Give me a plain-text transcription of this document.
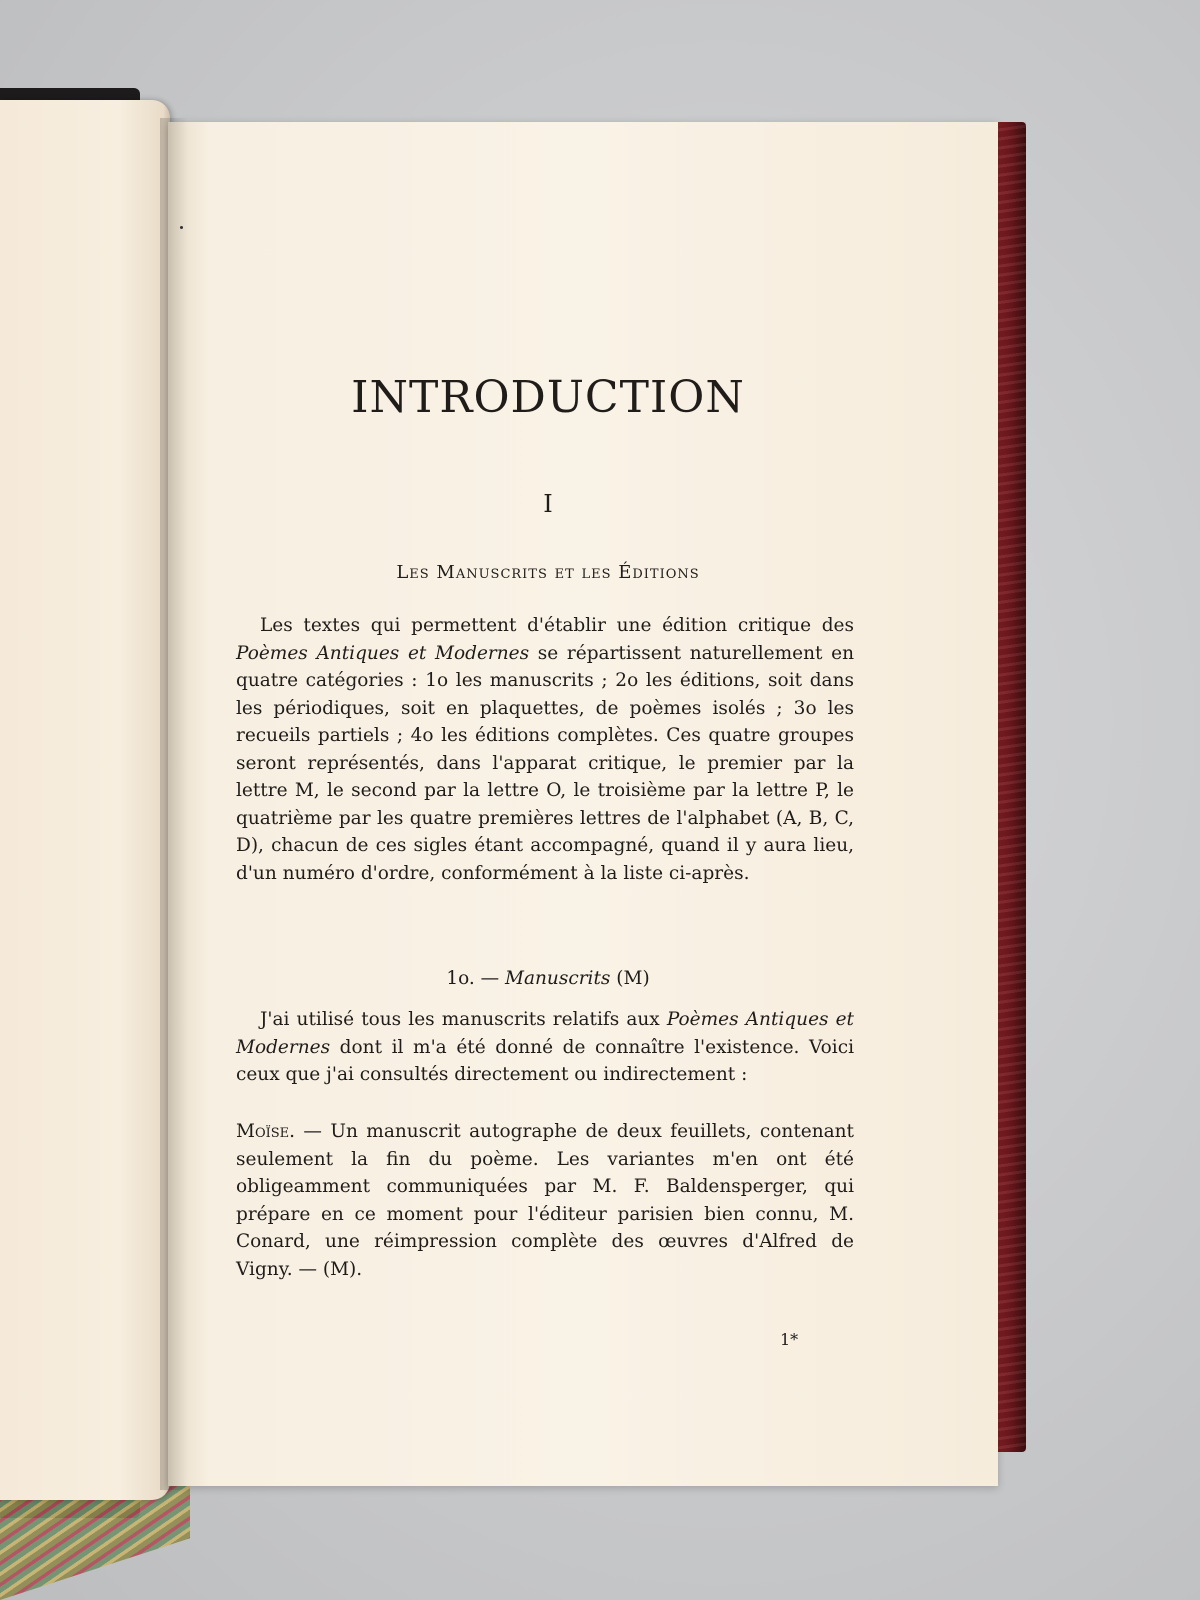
INTRODUCTION
I
Les Manuscrits et les Éditions

Les textes qui permettent d'établir une édition critique des Poèmes Antiques et Modernes se répartissent naturellement en quatre catégories : 1o les manuscrits ; 2o les éditions, soit dans les périodiques, soit en plaquettes, de poèmes isolés ; 3o les recueils partiels ; 4o les éditions complètes. Ces quatre groupes seront représentés, dans l'apparat critique, le premier par la lettre M, le second par la lettre O, le troisième par la lettre P, le quatrième par les quatre premières lettres de l'alphabet (A, B, C, D), chacun de ces sigles étant accompagné, quand il y aura lieu, d'un numéro d'ordre, conformément à la liste ci-après.

1o. — Manuscrits (M)

J'ai utilisé tous les manuscrits relatifs aux Poèmes Antiques et Modernes dont il m'a été donné de connaître l'existence. Voici ceux que j'ai consultés directement ou indirectement :

Moïse. — Un manuscrit autographe de deux feuillets, contenant seulement la fin du poème. Les variantes m'en ont été obligeamment communiquées par M. F. Baldensperger, qui prépare en ce moment pour l'éditeur parisien bien connu, M. Conard, une réimpression complète des œuvres d'Alfred de Vigny. — (M).

1*
